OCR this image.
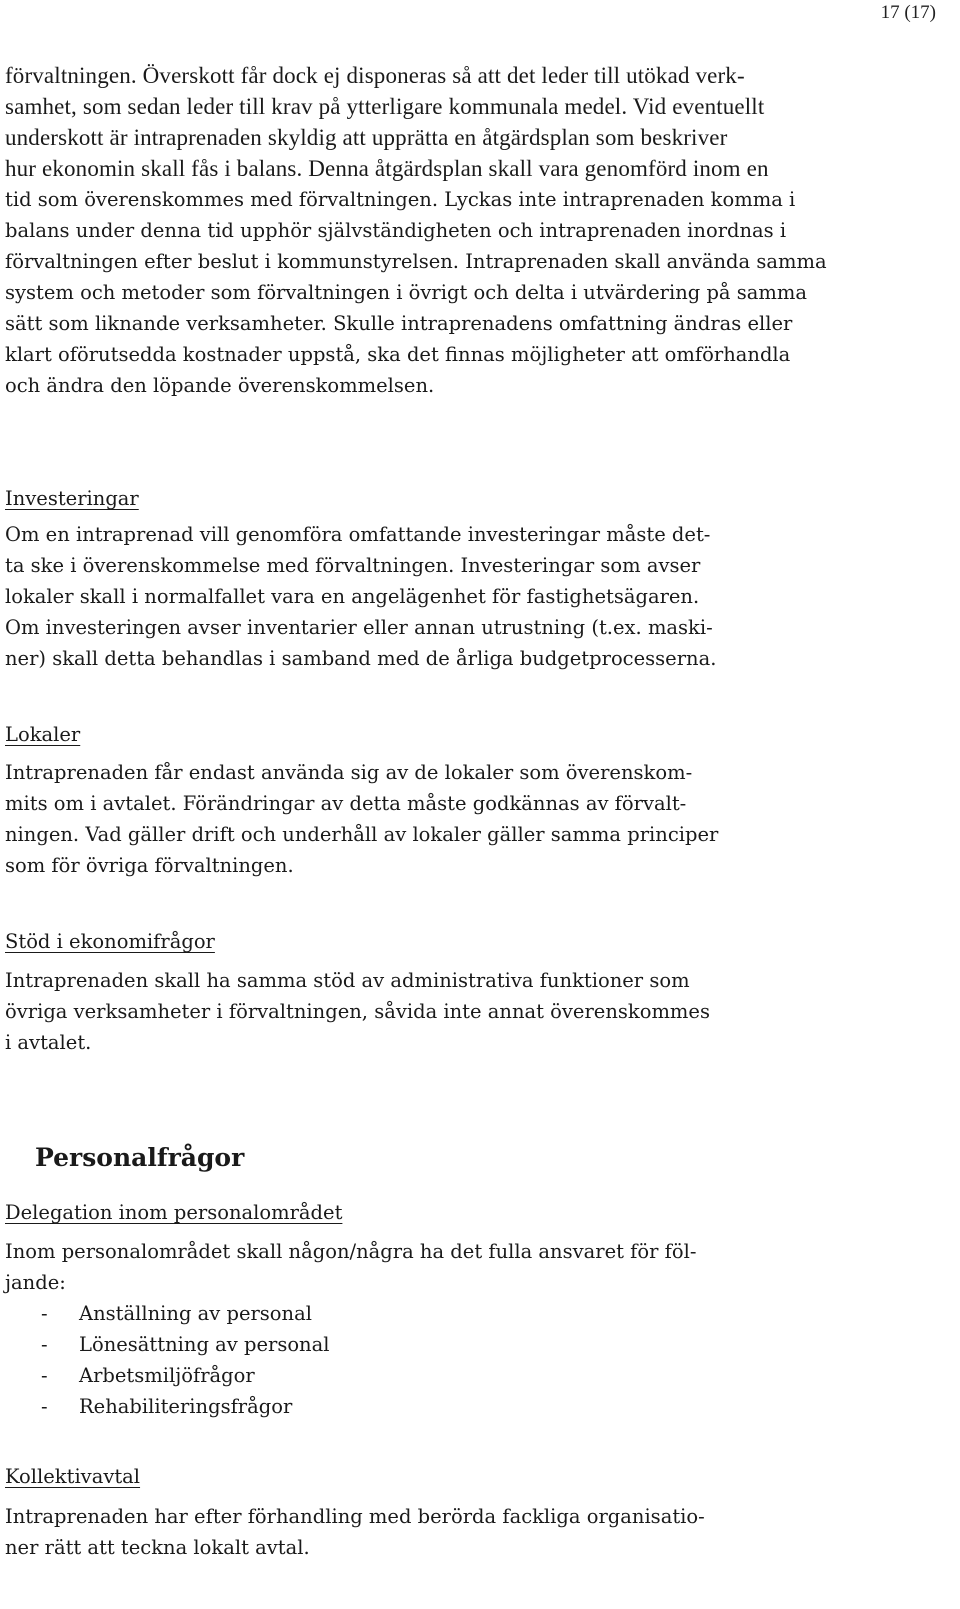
17 (17)

förvaltningen. Överskott får dock ej disponeras så att det leder till utökad verk-
samhet, som sedan leder till krav på ytterligare kommunala medel. Vid eventuellt
underskott är intraprenaden skyldig att upprätta en åtgärdsplan som beskriver
hur ekonomin skall fås i balans. Denna åtgärdsplan skall vara genomförd inom en

tid som överenskommes med förvaltningen. Lyckas inte intraprenaden komma i
balans under denna tid upphör självständigheten och intraprenaden inordnas i
förvaltningen efter beslut i kommunstyrelsen. Intraprenaden skall använda samma
system och metoder som förvaltningen i övrigt och delta i utvärdering på samma
sätt som liknande verksamheter. Skulle intraprenadens omfattning ändras eller
klart oförutsedda kostnader uppstå, ska det finnas möjligheter att omförhandla
och ändra den löpande överenskommelsen.

Investeringar

Om en intraprenad vill genomföra omfattande investeringar måste det-
ta ske i överenskommelse med förvaltningen. Investeringar som avser
lokaler skall i normalfallet vara en angelägenhet för fastighetsägaren.
Om investeringen avser inventarier eller annan utrustning (t.ex. maski-
ner) skall detta behandlas i samband med de årliga budgetprocesserna.

Lokaler

Intraprenaden får endast använda sig av de lokaler som överenskom-
mits om i avtalet. Förändringar av detta måste godkännas av förvalt-
ningen. Vad gäller drift och underhåll av lokaler gäller samma principer
som för övriga förvaltningen.

Stöd i ekonomifrågor

Intraprenaden skall ha samma stöd av administrativa funktioner som
övriga verksamheter i förvaltningen, såvida inte annat överenskommes
i avtalet.

Personalfrågor

Delegation inom personalområdet

Inom personalområdet skall någon/några ha det fulla ansvaret för föl-
jande:

-	Anställning av personal
-	Lönesättning av personal
-	Arbetsmiljöfrågor
-	Rehabiliteringsfrågor

Kollektivavtal

Intraprenaden har efter förhandling med berörda fackliga organisatio-
ner rätt att teckna lokalt avtal.
